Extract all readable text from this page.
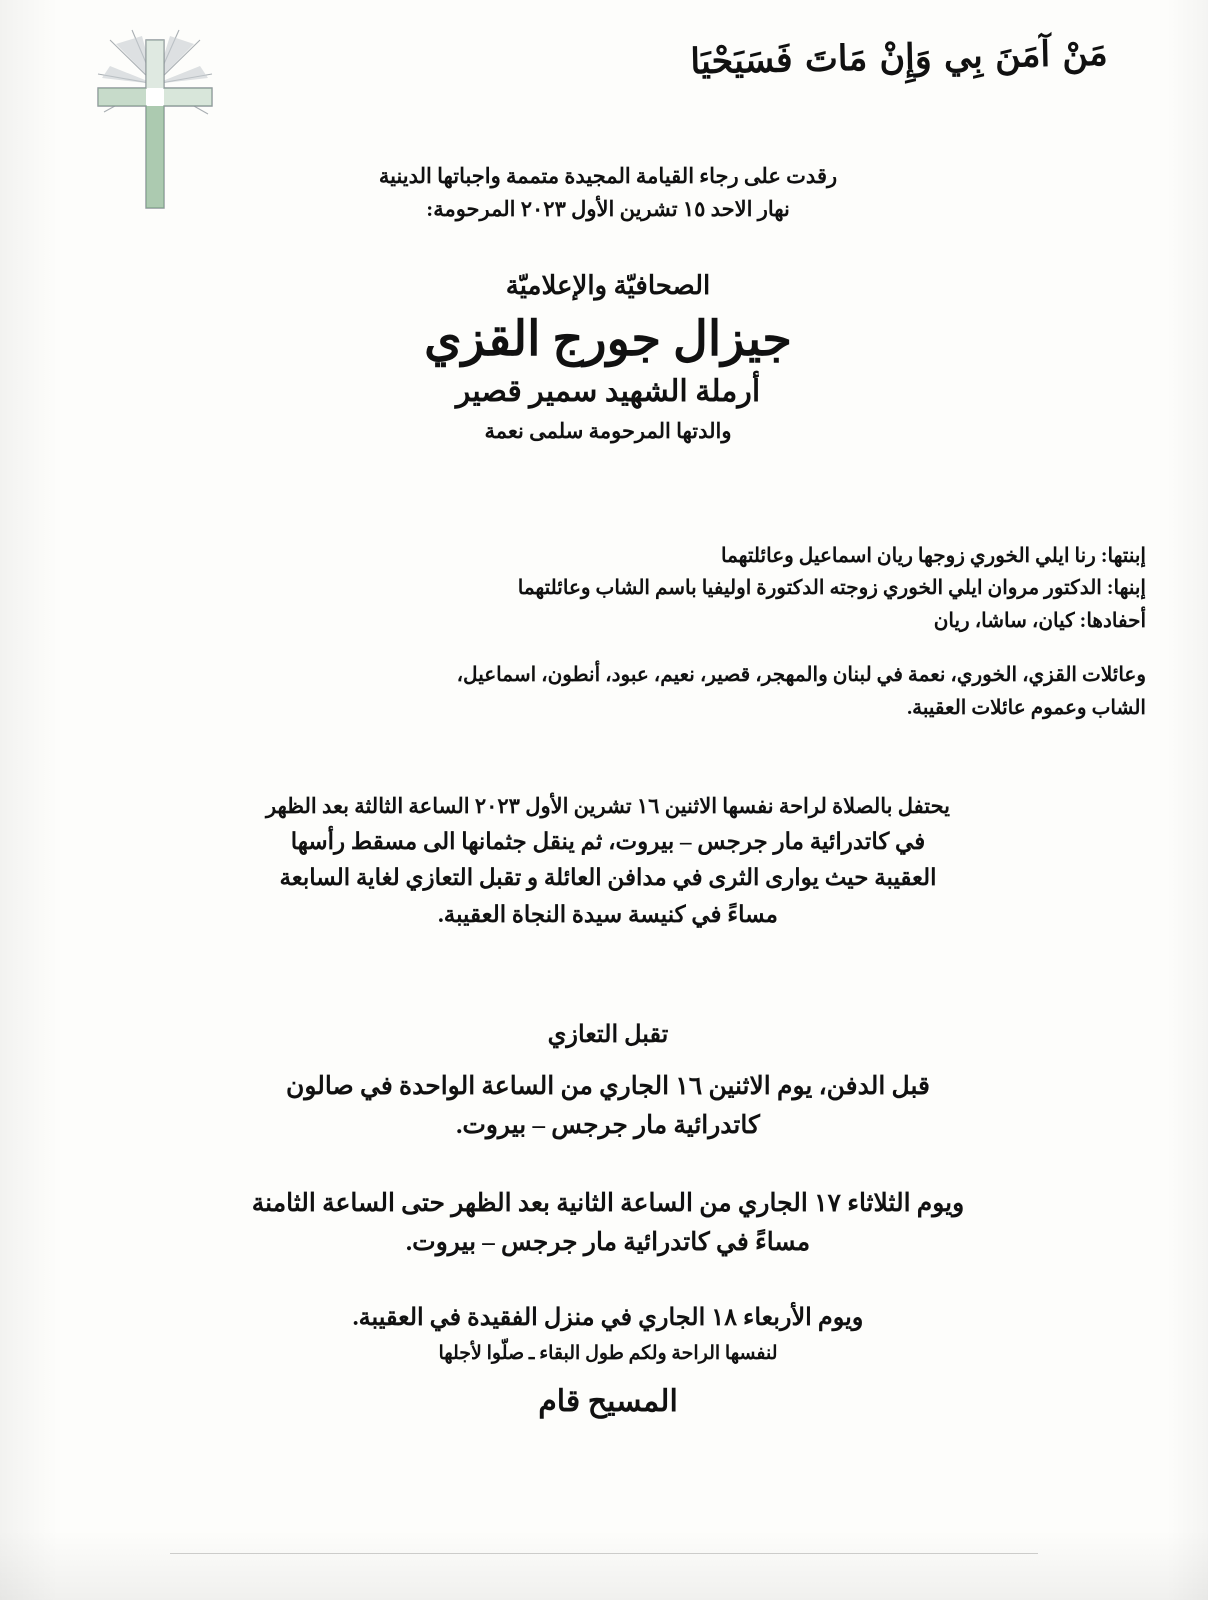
مَنْ آمَنَ بِي وَإِنْ مَاتَ فَسَيَحْيَا
رقدت على رجاء القيامة المجيدة متممة واجباتها الدينية
نهار الاحد ١٥ تشرين الأول ٢٠٢٣ المرحومة:
الصحافيّة والإعلاميّة
جيزال جورج القزي
أرملة الشهيد سمير قصير
والدتها المرحومة سلمى نعمة
إبنتها: رنا ايلي الخوري زوجها ريان اسماعيل وعائلتهما
إبنها: الدكتور مروان ايلي الخوري زوجته الدكتورة اوليفيا باسم الشاب وعائلتهما
أحفادها: كيان، ساشا، ريان
وعائلات القزي، الخوري، نعمة في لبنان والمهجر، قصير، نعيم، عبود، أنطون، اسماعيل،
الشاب وعموم عائلات العقيبة.
يحتفل بالصلاة لراحة نفسها الاثنين ١٦ تشرين الأول ٢٠٢٣ الساعة الثالثة بعد الظهر
في كاتدرائية مار جرجس – بيروت، ثم ينقل جثمانها الى مسقط رأسها
العقيبة حيث يوارى الثرى في مدافن العائلة و تقبل التعازي لغاية السابعة
مساءً في كنيسة سيدة النجاة العقيبة.
تقبل التعازي
قبل الدفن، يوم الاثنين ١٦ الجاري من الساعة الواحدة في صالون
كاتدرائية مار جرجس – بيروت.
ويوم الثلاثاء ١٧ الجاري من الساعة الثانية بعد الظهر حتى الساعة الثامنة
مساءً في كاتدرائية مار جرجس – بيروت.
ويوم الأربعاء ١٨ الجاري في منزل الفقيدة في العقيبة.
لنفسها الراحة ولكم طول البقاء ـ صلّوا لأجلها
المسيح قام
